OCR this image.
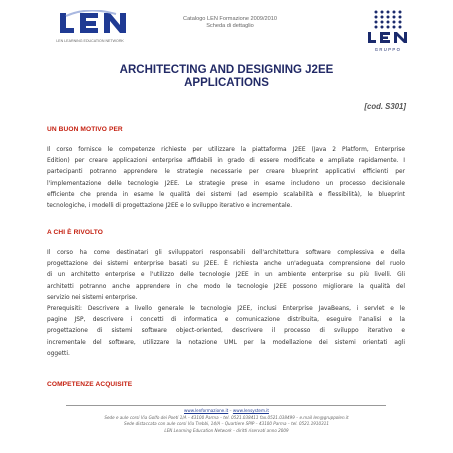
LEN LEARNING EDUCATION NETWORK
Catalogo LEN Formazione 2009/2010
Scheda di dettaglio
GRUPPO
ARCHITECTING AND DESIGNING J2EE
APPLICATIONS
[cod. S301]
UN BUON MOTIVO PER
Il corso fornisce le competenze richieste per utilizzare la piattaforma J2EE (Java 2 Platform, Enterprise
Edition) per creare applicazioni enterprise affidabili in grado di essere modificate e ampliate rapidamente. I
partecipanti potranno apprendere le strategie necessarie per creare blueprint applicativi efficienti per
l'implementazione delle tecnologie J2EE. Le strategie prese in esame includono un processo decisionale
efficiente che prenda in esame le qualità dei sistemi (ad esempio scalabilità e flessibilità), le blueprint
tecnologiche, i modelli di progettazione J2EE e lo sviluppo iterativo e incrementale.
A CHI È RIVOLTO
Il corso ha come destinatari gli sviluppatori responsabili dell'architettura software complessiva e della
progettazione dei sistemi enterprise basati su J2EE. È richiesta anche un'adeguata comprensione del ruolo
di un architetto enterprise e l'utilizzo delle tecnologie J2EE in un ambiente enterprise su più livelli. Gli
architetti potranno anche apprendere in che modo le tecnologie J2EE possono migliorare la qualità del
servizio nei sistemi enterprise.
Prerequisiti: Descrivere a livello generale le tecnologie J2EE, inclusi Enterprise JavaBeans, i servlet e le
pagine JSP, descrivere i concetti di informatica e comunicazione distribuita, eseguire l'analisi e la
progettazione di sistemi software object-oriented, descrivere il processo di sviluppo iterativo e
incrementale del software, utilizzare la notazione UML per la modellazione dei sistemi orientati agli
oggetti.
COMPETENZE ACQUISITE
www.lenformazione.it – www.lensystem.it
Sede e aule corsi Via Golfo dei Poeti 1/A – 43100 Parma – tel. 0521.038411 fax.0521.038499 – e.mail len@gruppolen.it
Sede distaccata con aule corsi Via Trebbi, 14/A – Quartiere SPIP – 43100 Parma – tel. 0521.1910311
LEN Learning Education Network – diritti riservati anno 2009
